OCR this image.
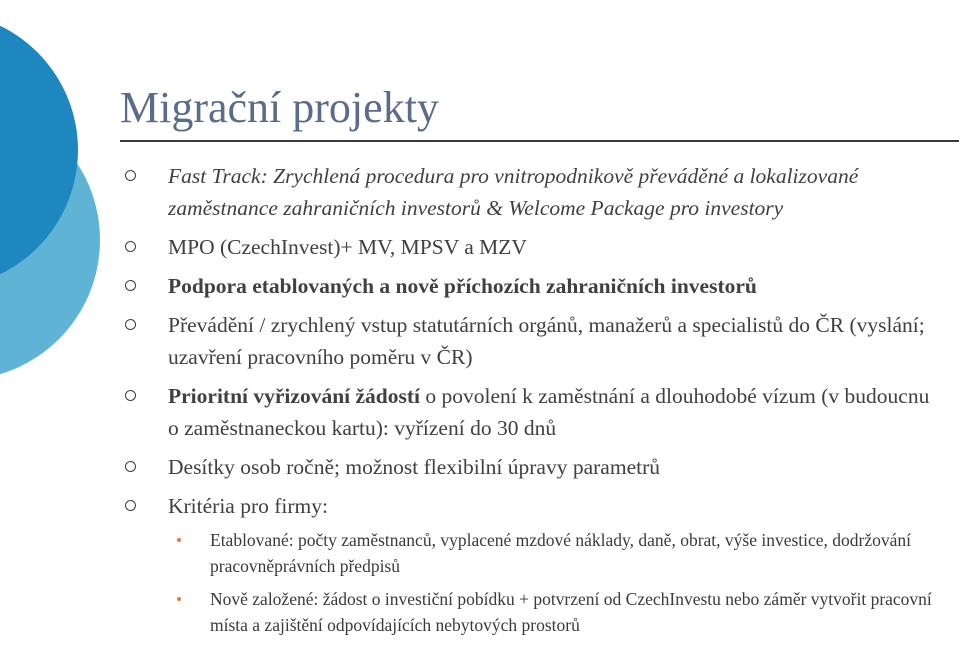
Migrační projekty
Fast Track: Zrychlená procedura pro vnitropodnikově převáděné a lokalizované zaměstnance zahraničních investorů & Welcome Package pro investory
MPO (CzechInvest)+ MV, MPSV a MZV
Podpora etablovaných a nově příchozích zahraničních investorů
Převádění / zrychlený vstup statutárních orgánů, manažerů a specialistů do ČR (vyslání; uzavření pracovního poměru v ČR)
Prioritní vyřizování žádostí o povolení k zaměstnání a dlouhodobé vízum (v budoucnu o zaměstnaneckou kartu): vyřízení do 30 dnů
Desítky osob ročně; možnost flexibilní úpravy parametrů
Kritéria pro firmy:
Etablované: počty zaměstnanců, vyplacené mzdové náklady, daně, obrat, výše investice, dodržování pracovněprávních předpisů
Nově založené: žádost o investiční pobídku + potvrzení od CzechInvestu nebo záměr vytvořit pracovní místa a zajištění odpovídajících nebytových prostorů
